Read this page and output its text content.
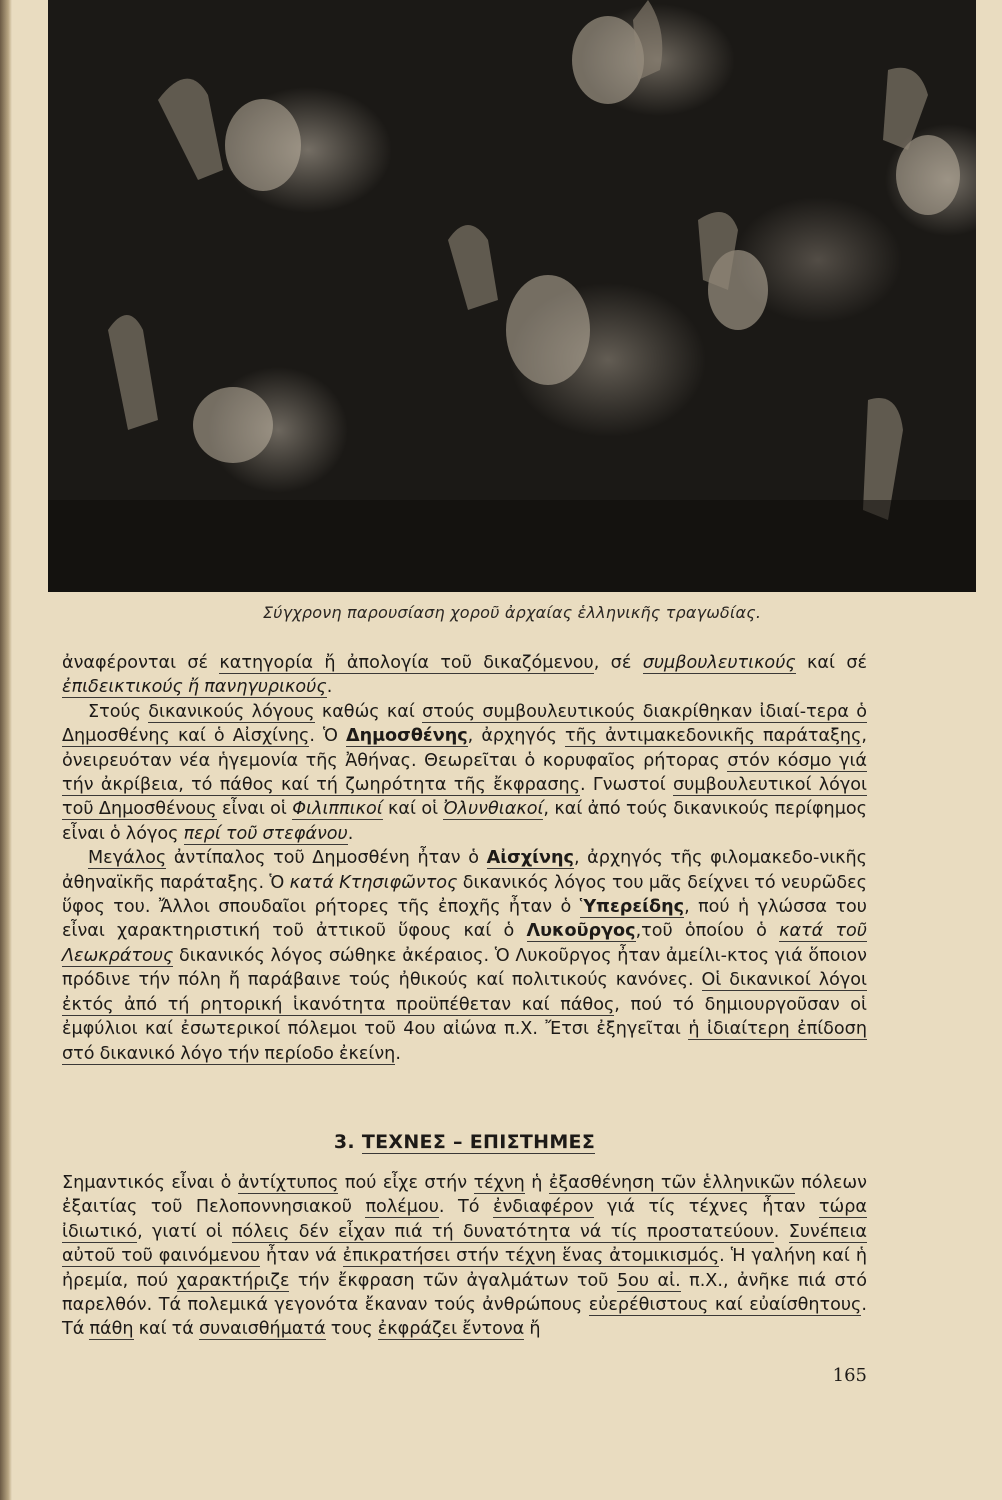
Σύγχρονη παρουσίαση χοροῦ ἀρχαίας ἑλληνικῆς τραγωδίας.

ἀναφέρονται σέ κατηγορία ἤ ἀπολογία τοῦ δικαζόμενου, σέ συμβουλευτικούς καί σέ ἐπιδεικτικούς ἤ πανηγυρικούς.

Στούς δικανικούς λόγους καθώς καί στούς συμβουλευτικούς διακρίθηκαν ἰδιαί-τερα ὁ Δημοσθένης καί ὁ Αἰσχίνης. Ὁ Δημοσθένης, ἀρχηγός τῆς ἀντιμακεδονικῆς παράταξης, ὀνειρευόταν νέα ἡγεμονία τῆς Ἀθήνας. Θεωρεῖται ὁ κορυφαῖος ρήτορας στόν κόσμο γιά τήν ἀκρίβεια, τό πάθος καί τή ζωηρότητα τῆς ἔκφρασης. Γνωστοί συμβουλευτικοί λόγοι τοῦ Δημοσθένους εἶναι οἱ Φιλιππικοί καί οἱ Ὀλυνθιακοί, καί ἀπό τούς δικανικούς περίφημος εἶναι ὁ λόγος περί τοῦ στεφάνου.

Μεγάλος ἀντίπαλος τοῦ Δημοσθένη ἦταν ὁ Αἰσχίνης, ἀρχηγός τῆς φιλομακεδο-νικῆς ἀθηναϊκῆς παράταξης. Ὁ κατά Κτησιφῶντος δικανικός λόγος του μᾶς δείχνει τό νευρῶδες ὕφος του. Ἄλλοι σπουδαῖοι ρήτορες τῆς ἐποχῆς ἦταν ὁ Ὑπερείδης, πού ἡ γλώσσα του εἶναι χαρακτηριστική τοῦ ἀττικοῦ ὕφους καί ὁ Λυκοῦργος,τοῦ ὁποίου ὁ κατά τοῦ Λεωκράτους δικανικός λόγος σώθηκε ἀκέραιος. Ὁ Λυκοῦργος ἦταν ἀμείλι-κτος γιά ὅποιον πρόδινε τήν πόλη ἤ παράβαινε τούς ἠθικούς καί πολιτικούς κανόνες. Οἱ δικανικοί λόγοι ἐκτός ἀπό τή ρητορική ἱκανότητα προϋπέθεταν καί πάθος, πού τό δημιουργοῦσαν οἱ ἐμφύλιοι καί ἐσωτερικοί πόλεμοι τοῦ 4ου αἰώνα π.Χ. Ἔτσι ἐξηγεῖται ἡ ἰδιαίτερη ἐπίδοση στό δικανικό λόγο τήν περίοδο ἐκείνη.

3. ΤΕΧΝΕΣ – ΕΠΙΣΤΗΜΕΣ

Σημαντικός εἶναι ὁ ἀντίχτυπος πού εἶχε στήν τέχνη ἡ ἐξασθένηση τῶν ἑλληνικῶν πόλεων ἐξαιτίας τοῦ Πελοποννησιακοῦ πολέμου. Τό ἐνδιαφέρον γιά τίς τέχνες ἦταν τώρα ἰδιωτικό, γιατί οἱ πόλεις δέν εἶχαν πιά τή δυνατότητα νά τίς προστατεύουν. Συνέπεια αὐτοῦ τοῦ φαινόμενου ἦταν νά ἐπικρατήσει στήν τέχνη ἕνας ἀτομικισμός. Ἡ γαλήνη καί ἡ ἠρεμία, πού χαρακτήριζε τήν ἔκφραση τῶν ἀγαλμάτων τοῦ 5ου αἰ. π.Χ., ἀνῆκε πιά στό παρελθόν. Τά πολεμικά γεγονότα ἔκαναν τούς ἀνθρώπους εὐερέθιστους καί εὐαίσθητους. Τά πάθη καί τά συναισθήματά τους ἐκφράζει ἔντονα ἤ

165
